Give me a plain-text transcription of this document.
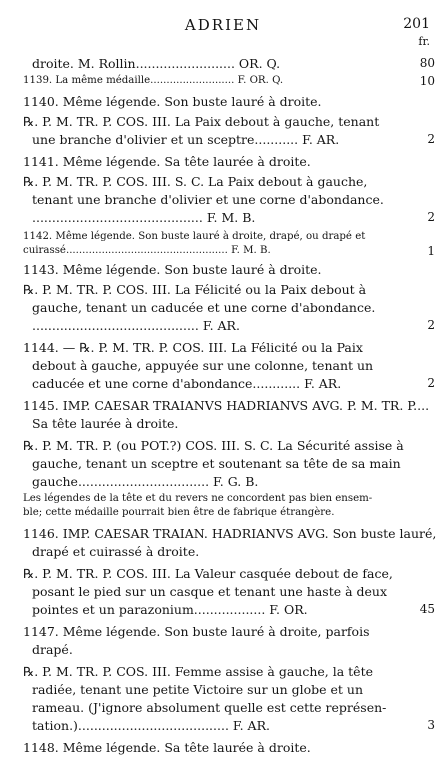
ADRIEN	201
fr.
droite. M. Rollin......................... OR. Q.
1139. La même médaille.......................... F. OR. Q.
1140. Même légende. Son buste lauré à droite.
℞. P. M. TR. P. COS. III. La Paix debout à gauche, tenant
une branche d'olivier et un sceptre........... F. AR.
1141. Même légende. Sa tête laurée à droite.
℞. P. M. TR. P. COS. III. S. C. La Paix debout à gauche,
tenant une branche d'olivier et une corne d'abondance.
........................................... F. M. B.
1142. Même légende. Son buste lauré à droite, drapé, ou drapé et
cuirassé.................................................. F. M. B.
1143. Même légende. Son buste lauré à droite.
℞. P. M. TR. P. COS. III. La Félicité ou la Paix debout à
gauche, tenant un caducée et une corne d'abondance.
.......................................... F. AR.
1144. — ℞. P. M. TR. P. COS. III. La Félicité ou la Paix
debout à gauche, appuyée sur une colonne, tenant un
caducée et une corne d'abondance............ F. AR.
1145. IMP. CAESAR TRAIANVS HADRIANVS AVG. P. M. TR. P....
Sa tête laurée à droite.
℞. P. M. TR. P. (ou POT.?) COS. III. S. C. La Sécurité assise à
gauche, tenant un sceptre et soutenant sa tête de sa main
gauche................................. F. G. B.
Les légendes de la tête et du revers ne concordent pas bien ensem-
ble; cette médaille pourrait bien être de fabrique étrangère.
1146. IMP. CAESAR TRAIAN. HADRIANVS AVG. Son buste lauré,
drapé et cuirassé à droite.
℞. P. M. TR. P. COS. III. La Valeur casquée debout de face,
posant le pied sur un casque et tenant une haste à deux
pointes et un parazonium.................. F. OR.
1147. Même légende. Son buste lauré à droite, parfois
drapé.
℞. P. M. TR. P. COS. III. Femme assise à gauche, la tête
radiée, tenant une petite Victoire sur un globe et un
rameau. (J'ignore absolument quelle est cette représen-
tation.)...................................... F. AR.
1148. Même légende. Sa tête laurée à droite.
80
10
2
2
1
2
2
45
3
